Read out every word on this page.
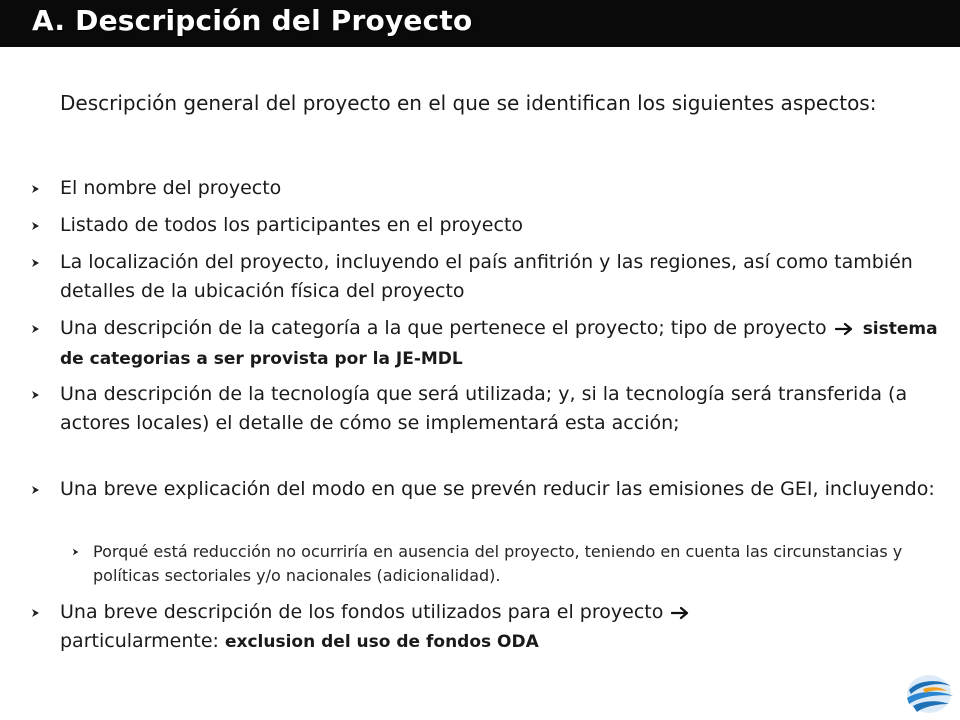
A. Descripción del Proyecto
Descripción general del proyecto en el que se identifican los siguientes aspectos:
El nombre del proyecto
Listado de todos los participantes en el proyecto
La localización del proyecto, incluyendo el país anfitrión y las regiones, así como también detalles de la ubicación física del proyecto
Una descripción de la categoría a la que pertenece el proyecto; tipo de proyecto sistema de categorias a ser provista por la JE-MDL
Una descripción de la tecnología que será utilizada; y, si la tecnología será transferida (a actores locales) el detalle de cómo se implementará esta acción;
Una breve explicación del modo en que se prevén reducir las emisiones de GEI, incluyendo:
Porqué está reducción no ocurriría en ausencia del proyecto, teniendo en cuenta las circunstancias y políticas sectoriales y/o nacionales (adicionalidad).
Una breve descripción de los fondos utilizados para el proyecto
particularmente: exclusion del uso de fondos ODA
